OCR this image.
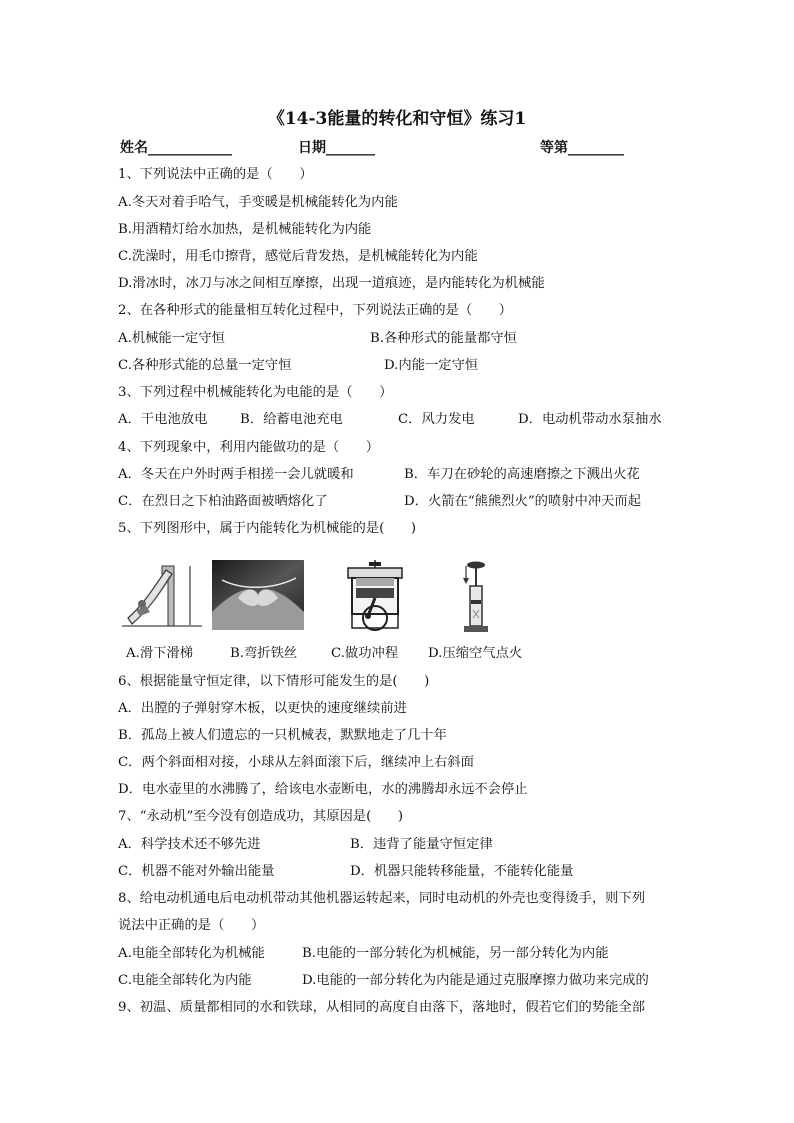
《14-3能量的转化和守恒》练习1
姓名____________	日期_______	等第________
1、下列说法中正确的是（　　）
A.冬天对着手哈气，手变暖是机械能转化为内能
B.用酒精灯给水加热，是机械能转化为内能
C.洗澡时，用毛巾擦背，感觉后背发热，是机械能转化为内能
D.滑冰时，冰刀与冰之间相互摩擦，出现一道痕迹，是内能转化为机械能
2、在各种形式的能量相互转化过程中，下列说法正确的是（　　）
A.机械能一定守恒	B.各种形式的能量都守恒
C.各种形式能的总量一定守恒	D.内能一定守恒
3、下列过程中机械能转化为电能的是（　　）
A．干电池放电 B．给蓄电池充电	C．风力发电	D．电动机带动水泵抽水
4、下列现象中，利用内能做功的是（　　）
A．冬天在户外时两手相搓一会儿就暖和	B．车刀在砂轮的高速磨擦之下溅出火花
C．在烈日之下柏油路面被晒熔化了	D．火箭在“熊熊烈火”的喷射中冲天而起
5、下列图形中，属于内能转化为机械能的是(　　)
A.滑下滑梯	B.弯折铁丝	C.做功冲程 D.压缩空气点火
6、根据能量守恒定律，以下情形可能发生的是(　　)
A．出膛的子弹射穿木板，以更快的速度继续前进
B．孤岛上被人们遗忘的一只机械表，默默地走了几十年
C．两个斜面相对接，小球从左斜面滚下后，继续冲上右斜面
D．电水壶里的水沸腾了，给该电水壶断电，水的沸腾却永远不会停止
7、“永动机”至今没有创造成功，其原因是(　　)
A．科学技术还不够先进	B．违背了能量守恒定律
C．机器不能对外输出能量	D．机器只能转移能量，不能转化能量
8、给电动机通电后电动机带动其他机器运转起来，同时电动机的外壳也变得烫手，则下列
说法中正确的是（　　）
A.电能全部转化为机械能	B.电能的一部分转化为机械能，另一部分转化为内能
C.电能全部转化为内能	D.电能的一部分转化为内能是通过克服摩擦力做功来完成的
9、初温、质量都相同的水和铁球，从相同的高度自由落下，落地时，假若它们的势能全部
